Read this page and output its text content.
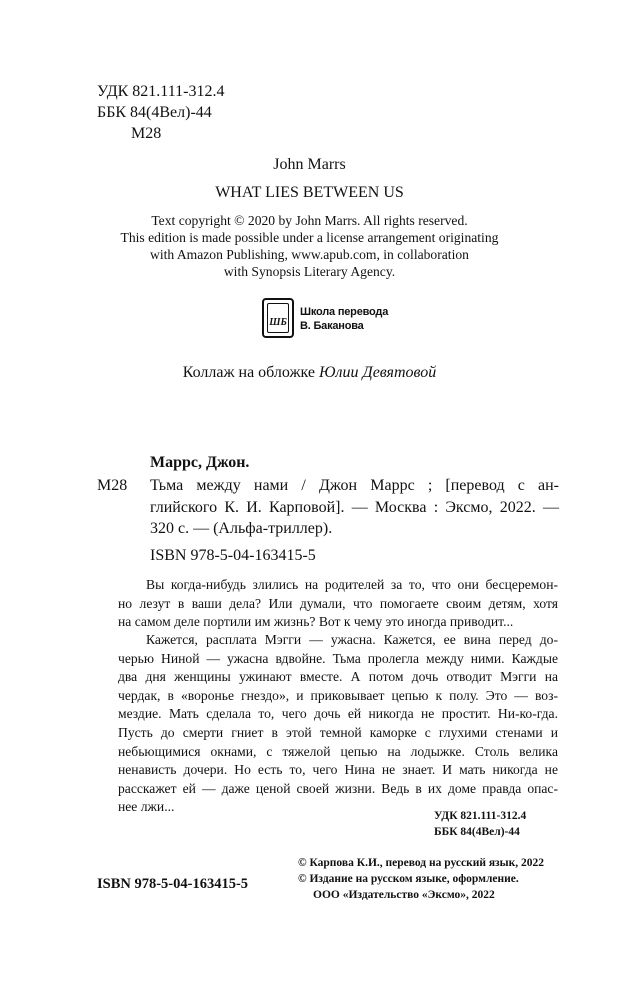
УДК 821.111-312.4
ББК 84(4Вел)-44
М28
John Marrs
WHAT LIES BETWEEN US
Text copyright © 2020 by John Marrs. All rights reserved.
This edition is made possible under a license arrangement originating
with Amazon Publishing, www.apub.com, in collaboration
with Synopsis Literary Agency.
ШБ
Школа перевода
В. Баканова
Коллаж на обложке Юлии Девятовой
Маррс, Джон.
М28 Тьма между нами / Джон Маррс ; [перевод с ан-
глийского К. И. Карповой]. — Москва : Эксмо, 2022. —
320 с. — (Альфа-триллер).
ISBN 978-5-04-163415-5
Вы когда-нибудь злились на родителей за то, что они бесцеремон-
но лезут в ваши дела? Или думали, что помогаете своим детям, хотя
на самом деле портили им жизнь? Вот к чему это иногда приводит...
Кажется, расплата Мэгги — ужасна. Кажется, ее вина перед до-
черью Ниной — ужасна вдвойне. Тьма пролегла между ними. Каждые
два дня женщины ужинают вместе. А потом дочь отводит Мэгги на
чердак, в «вороньe гнездо», и приковывает цепью к полу. Это — воз-
мездие. Мать сделала то, чего дочь ей никогда не простит. Ни-ко-гда.
Пусть до смерти гниет в этой темной каморке с глухими стенами и
небьющимися окнами, с тяжелой цепью на лодыжке. Столь велика
ненависть дочери. Но есть то, чего Нина не знает. И мать никогда не
расскажет ей — даже ценой своей жизни. Ведь в их доме правда опас-
нее лжи...
УДК 821.111-312.4
ББК 84(4Вел)-44
ISBN 978-5-04-163415-5
© Карпова К.И., перевод на русский язык, 2022
© Издание на русском языке, оформление.
ООО «Издательство «Эксмо», 2022
